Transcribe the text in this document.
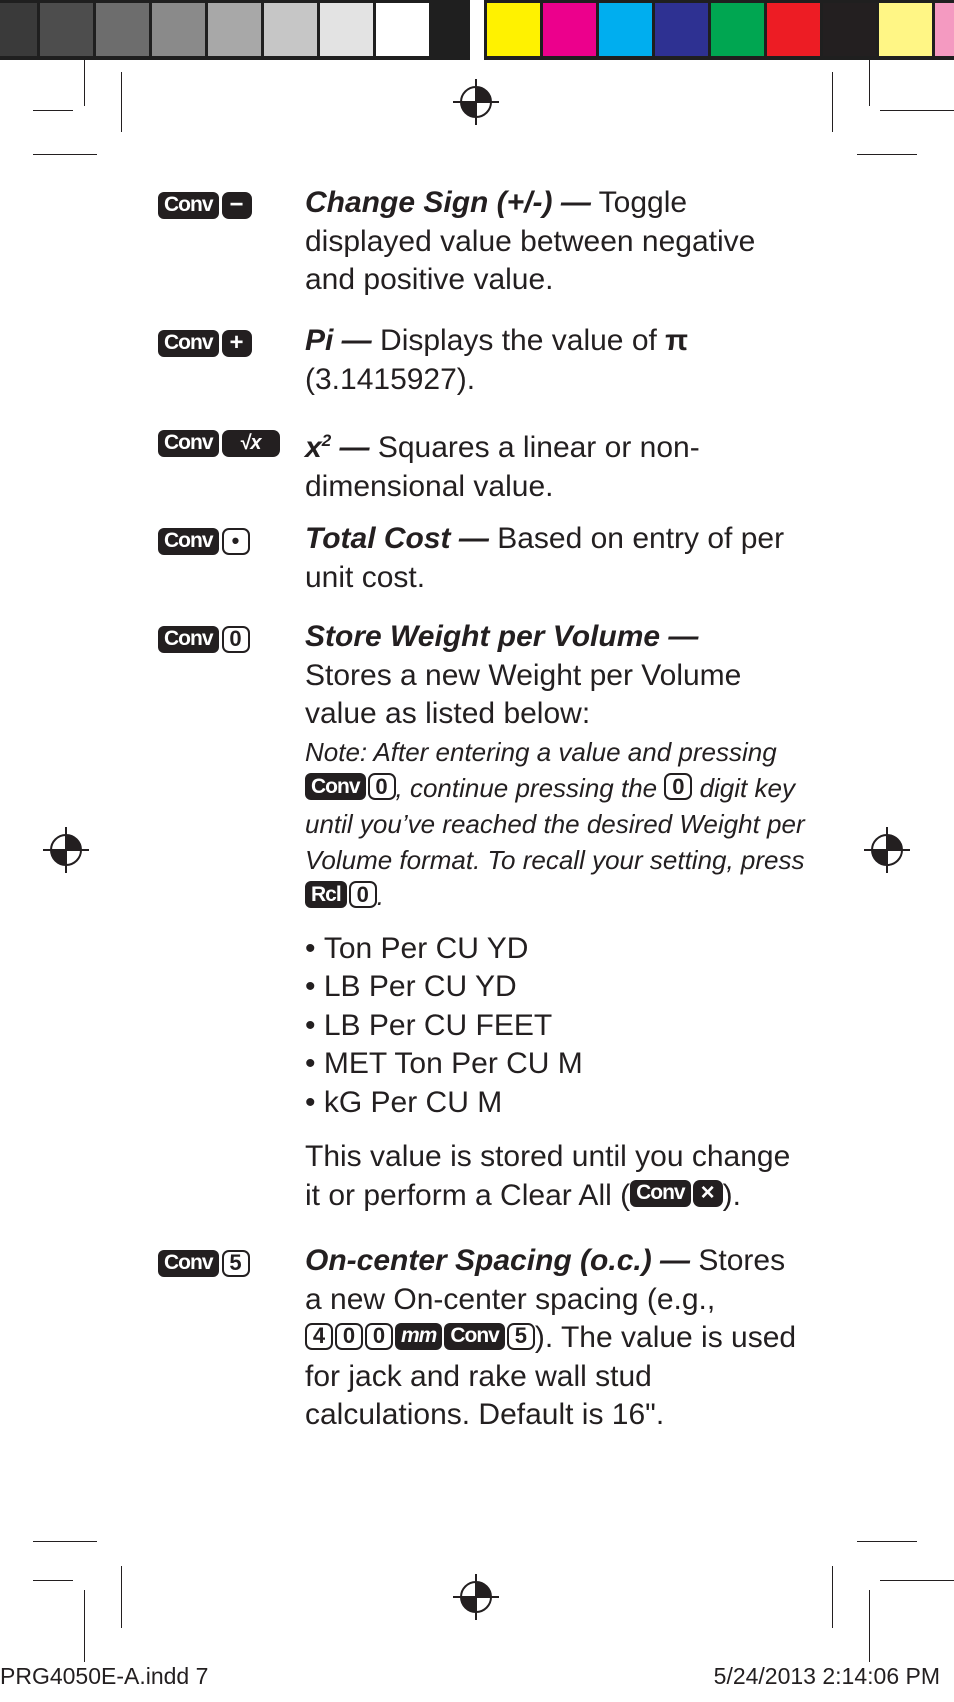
Conv − Change Sign (+/-) — Toggle displayed value between negative and positive value.
Conv + Pi — Displays the value of π
(3.1415927).
Conv	√x	$x^2$ — Squares a linear or non-dimensional value.
Conv •	Total Cost — Based on entry of per unit cost.
Conv 0 Store Weight per Volume —
Stores a new Weight per Volume value as listed below:
Note: After entering a value and pressing
Conv 0 , continue pressing the 0 digit key until you’ve reached the desired Weight per Volume format. To recall your setting, press
Rcl 0 .
• Ton Per CU YD
• LB Per CU YD
• LB Per CU FEET
• MET Ton Per CU M
• kG Per CU M
This value is stored until you change it or perform a Clear All ( Conv × ).
Conv 5 On-center Spacing (o.c.) — Stores a new On-center spacing (e.g.,
4 0 0 mm Conv 5 ). The value is used for jack and rake wall stud calculations. Default is 16".
PRG4050E-A.indd 7	5/24/2013 2:14:06 PM
